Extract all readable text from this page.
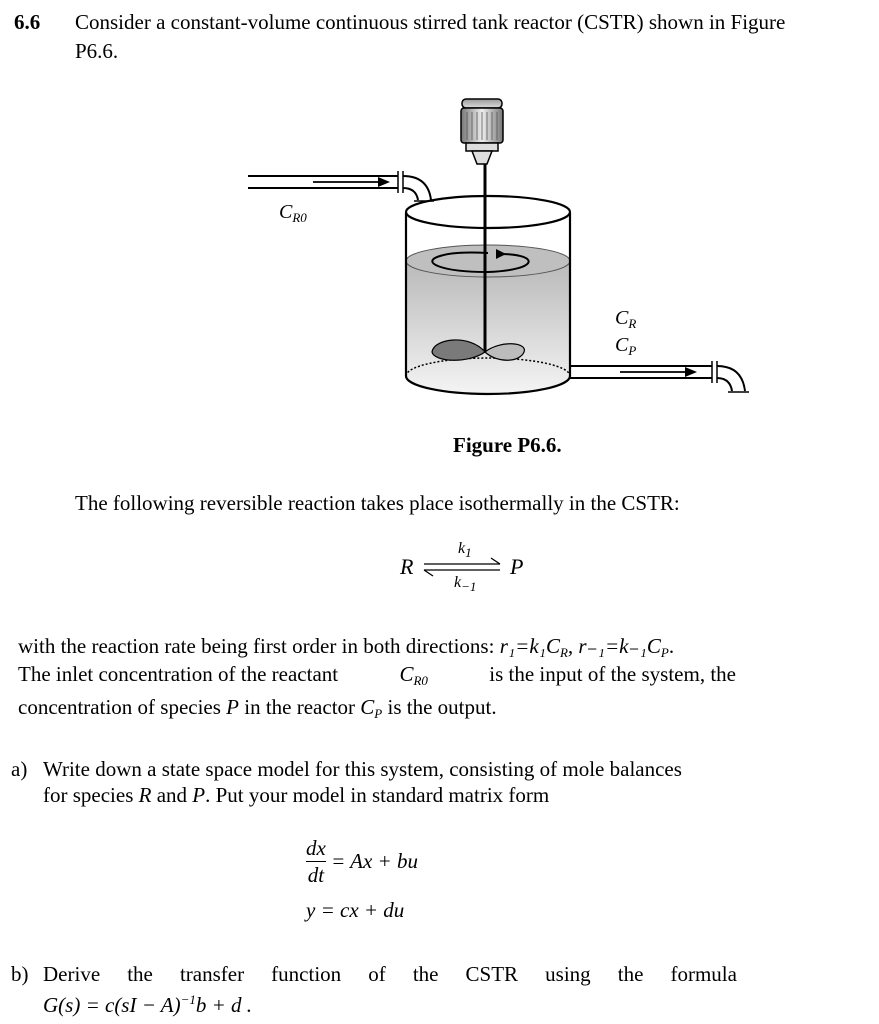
6.6 Consider a constant-volume continuous stirred tank reactor (CSTR) shown in Figure
P6.6.
$C_{R0}$
$C_R$
$C_P$
Figure P6.6.
The following reversible reaction takes place isothermally in the CSTR:
R	P
$k_1$
$k_{-1}$
with the reaction rate being first order in both directions: $r_1=k_1C_R$, $r_{-1}=k_{-1}C_P$.
The inlet concentration of the reactant	$C_{R0}$	is the input of the system, the
concentration of species P in the reactor $C_P$ is the output.
a) Write down a state space model for this system, consisting of mole balances
for species R and P. Put your model in standard matrix form
$\frac{dx}{dt} = Ax$ + bu
y = cx + du
b) Derive the transfer function of the CSTR using the formula
G(s) = c(sI − A)$^{-1}$b + d .
